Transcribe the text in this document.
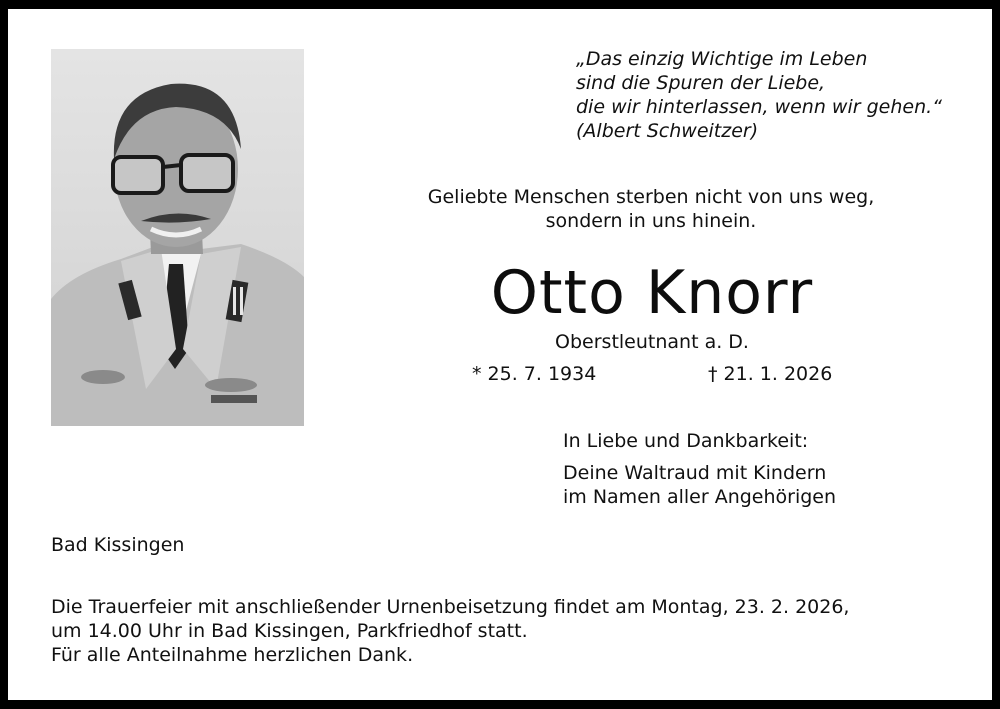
„Das einzig Wichtige im Leben
sind die Spuren der Liebe,
die wir hinterlassen, wenn wir gehen.“
(Albert Schweitzer)
Geliebte Menschen sterben nicht von uns weg,
sondern in uns hinein.
Otto Knorr
Oberstleutnant a. D.
* 25. 7. 1934	† 21. 1. 2026
In Liebe und Dankbarkeit:
Deine Waltraud mit Kindern
im Namen aller Angehörigen
Bad Kissingen
Die Trauerfeier mit anschließender Urnenbeisetzung findet am Montag, 23. 2. 2026,
um 14.00 Uhr in Bad Kissingen, Parkfriedhof statt.
Für alle Anteilnahme herzlichen Dank.
